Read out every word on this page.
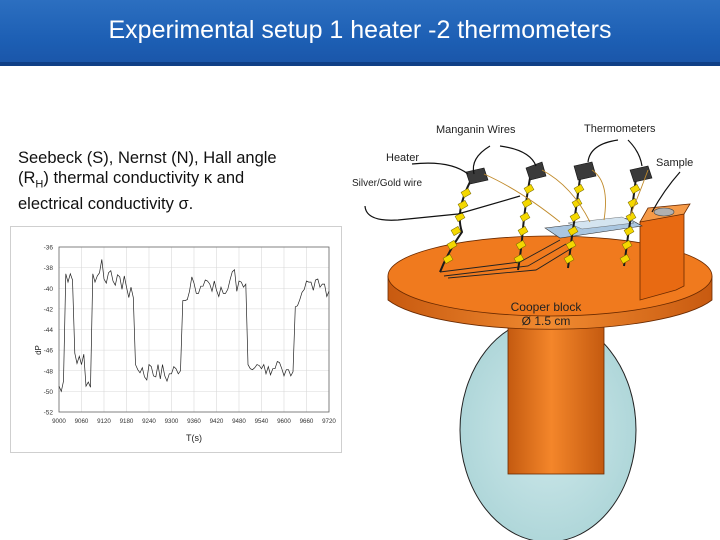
Experimental setup 1 heater -2 thermometers
Seebeck (S), Nernst (N), Hall angle
$(R_H)$ thermal conductivity κ and
electrical conductivity σ.
-36
-38
-40
-42
-44
-46
-48
-50
-52
9000 9060 9120 9180 9240 9300 9360 9420 9480 9540 9600 9660 9720
T(s)
dP
Manganin Wires	Thermometers
Heater	Sample
Silver/Gold wire
Cooper block
Ø 1.5 cm
